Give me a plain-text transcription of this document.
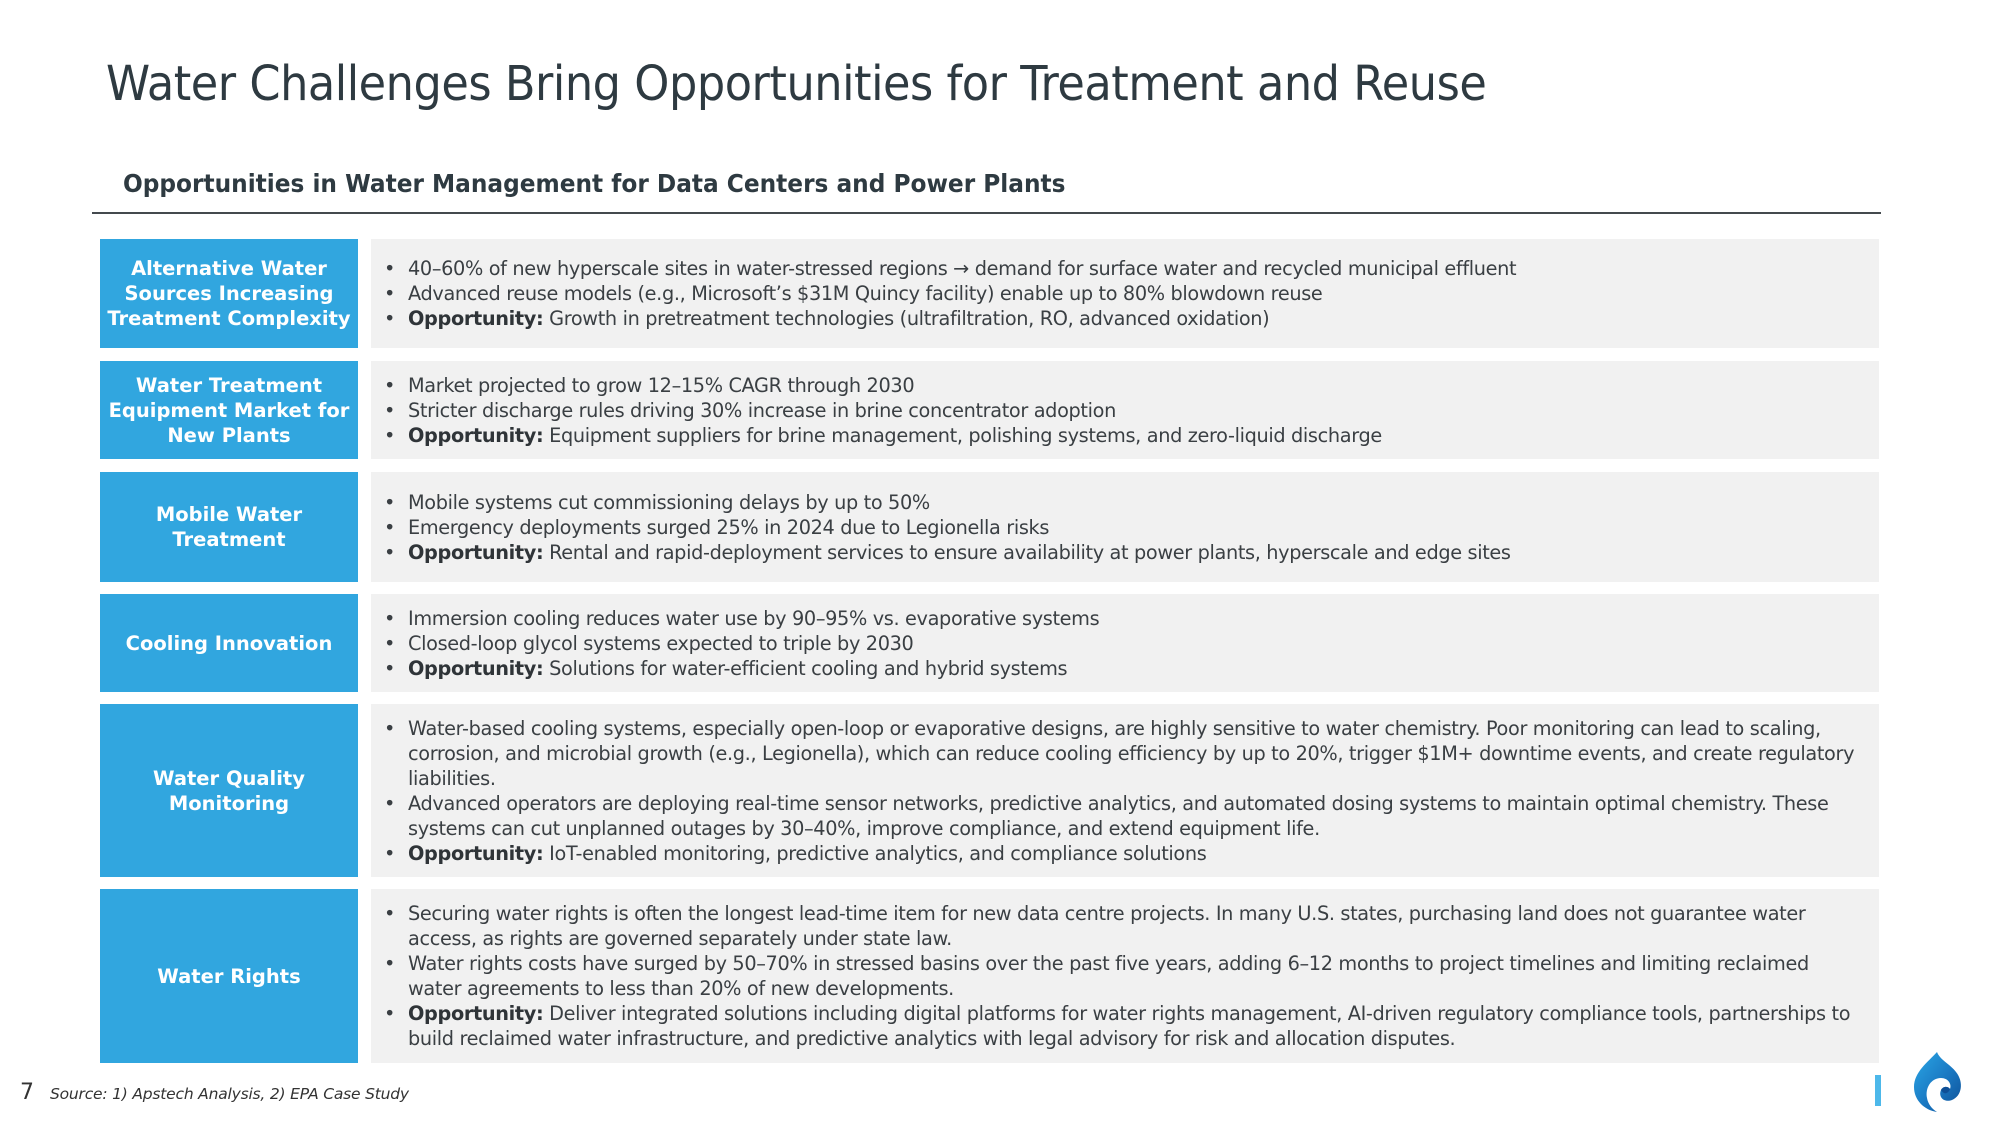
Water Challenges Bring Opportunities for Treatment and Reuse
Opportunities in Water Management for Data Centers and Power Plants
Alternative Water Sources Increasing Treatment Complexity
• 40–60% of new hyperscale sites in water-stressed regions → demand for surface water and recycled municipal effluent
• Advanced reuse models (e.g., Microsoft’s $31M Quincy facility) enable up to 80% blowdown reuse
• Opportunity: Growth in pretreatment technologies (ultrafiltration, RO, advanced oxidation)
Water Treatment Equipment Market for New Plants
• Market projected to grow 12–15% CAGR through 2030
• Stricter discharge rules driving 30% increase in brine concentrator adoption
• Opportunity: Equipment suppliers for brine management, polishing systems, and zero-liquid discharge
Mobile Water Treatment
• Mobile systems cut commissioning delays by up to 50%
• Emergency deployments surged 25% in 2024 due to Legionella risks
• Opportunity: Rental and rapid-deployment services to ensure availability at power plants, hyperscale and edge sites
Cooling Innovation
• Immersion cooling reduces water use by 90–95% vs. evaporative systems
• Closed-loop glycol systems expected to triple by 2030
• Opportunity: Solutions for water-efficient cooling and hybrid systems
Water Quality Monitoring
• Water-based cooling systems, especially open-loop or evaporative designs, are highly sensitive to water chemistry. Poor monitoring can lead to scaling, corrosion, and microbial growth (e.g., Legionella), which can reduce cooling efficiency by up to 20%, trigger $1M+ downtime events, and create regulatory liabilities.
• Advanced operators are deploying real-time sensor networks, predictive analytics, and automated dosing systems to maintain optimal chemistry. These systems can cut unplanned outages by 30–40%, improve compliance, and extend equipment life.
• Opportunity: IoT-enabled monitoring, predictive analytics, and compliance solutions
Water Rights
• Securing water rights is often the longest lead-time item for new data centre projects. In many U.S. states, purchasing land does not guarantee water access, as rights are governed separately under state law.
• Water rights costs have surged by 50–70% in stressed basins over the past five years, adding 6–12 months to project timelines and limiting reclaimed water agreements to less than 20% of new developments.
• Opportunity: Deliver integrated solutions including digital platforms for water rights management, AI-driven regulatory compliance tools, partnerships to build reclaimed water infrastructure, and predictive analytics with legal advisory for risk and allocation disputes.
7 Source: 1) Apstech Analysis, 2) EPA Case Study
